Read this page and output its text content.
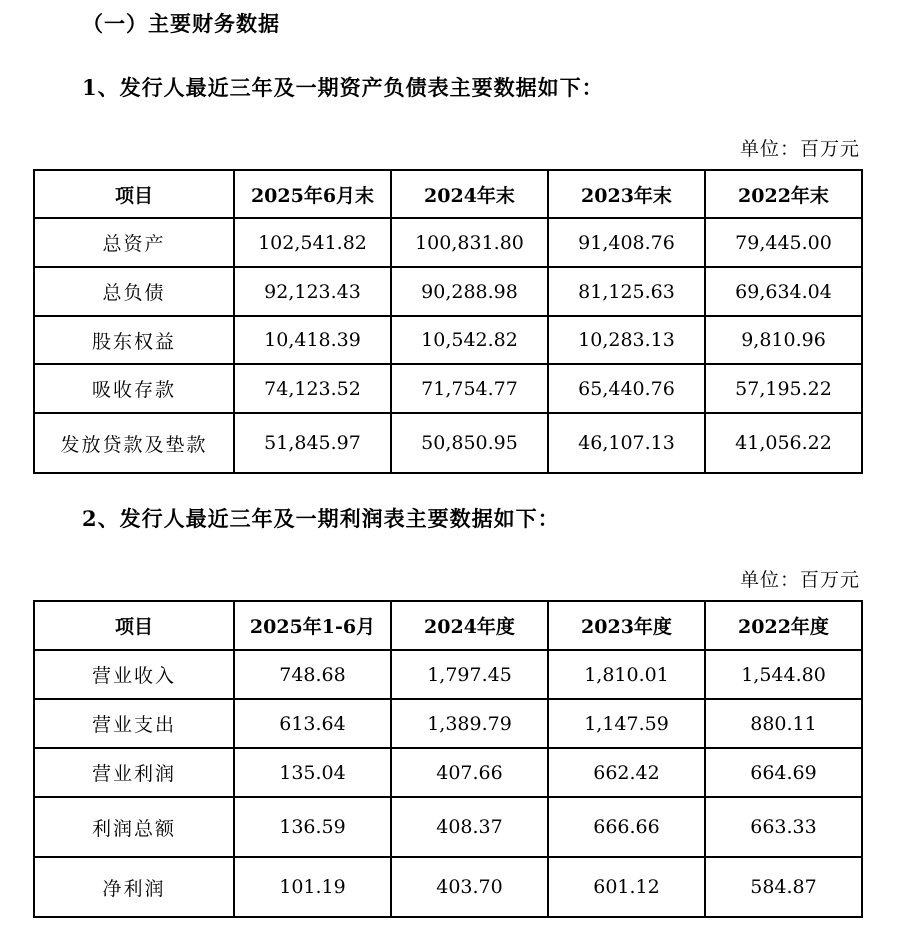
（一）主要财务数据
1、发行人最近三年及一期资产负债表主要数据如下：
单位：百万元
项目	2025年6月末	2024年末	2023年末	2022年末
总资产	102,541.82	100,831.80	91,408.76	79,445.00
总负债	92,123.43	90,288.98	81,125.63	69,634.04
股东权益	10,418.39	10,542.82	10,283.13	9,810.96
吸收存款	74,123.52	71,754.77	65,440.76	57,195.22
发放贷款及垫款	51,845.97	50,850.95	46,107.13	41,056.22
2、发行人最近三年及一期利润表主要数据如下：
单位：百万元
项目	2025年1-6月	2024年度	2023年度	2022年度
营业收入	748.68	1,797.45	1,810.01	1,544.80
营业支出	613.64	1,389.79	1,147.59	880.11
营业利润	135.04	407.66	662.42	664.69
利润总额	136.59	408.37	666.66	663.33
净利润	101.19	403.70	601.12	584.87
